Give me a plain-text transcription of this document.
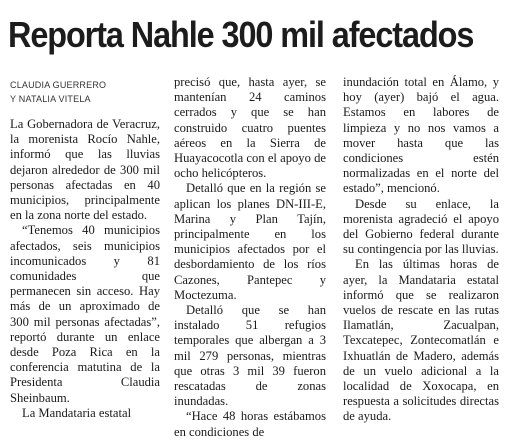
Reporta Nahle 300 mil afectados
CLAUDIA GUERRERO
Y NATALIA VITELA

La Gobernadora de Veracruz, la morenista Rocío Nahle, informó que las lluvias dejaron alrededor de 300 mil personas afectadas en 40 municipios, principalmente en la zona norte del estado.

“Tenemos 40 municipios afectados, seis municipios incomunicados y 81 comunidades que permanecen sin acceso. Hay más de un aproximado de 300 mil personas afectadas”, reportó durante un enlace desde Poza Rica en la conferencia matutina de la Presidenta Claudia Sheinbaum.

La Mandataria estatal

precisó que, hasta ayer, se mantenían 24 caminos cerrados y que se han construido cuatro puentes aéreos en la Sierra de Huayacocotla con el apoyo de ocho helicópteros.

Detalló que en la región se aplican los planes DN-III-E, Marina y Plan Tajín, principalmente en los municipios afectados por el desbordamiento de los ríos Cazones, Pantepec y Moctezuma.

Detalló que se han instalado 51 refugios temporales que albergan a 3 mil 279 personas, mientras que otras 3 mil 39 fueron rescatadas de zonas inundadas.

“Hace 48 horas estábamos en condiciones de

inundación total en Álamo, y hoy (ayer) bajó el agua. Estamos en labores de limpieza y no nos vamos a mover hasta que las condiciones estén normalizadas en el norte del estado”, mencionó.

Desde su enlace, la morenista agradeció el apoyo del Gobierno federal durante su contingencia por las lluvias.

En las últimas horas de ayer, la Mandataria estatal informó que se realizaron vuelos de rescate en las rutas Ilamatlán, Zacualpan, Texcatepec, Zontecomatlán e Ixhuatlán de Madero, además de un vuelo adicional a la localidad de Xoxocapa, en respuesta a solicitudes directas de ayuda.
